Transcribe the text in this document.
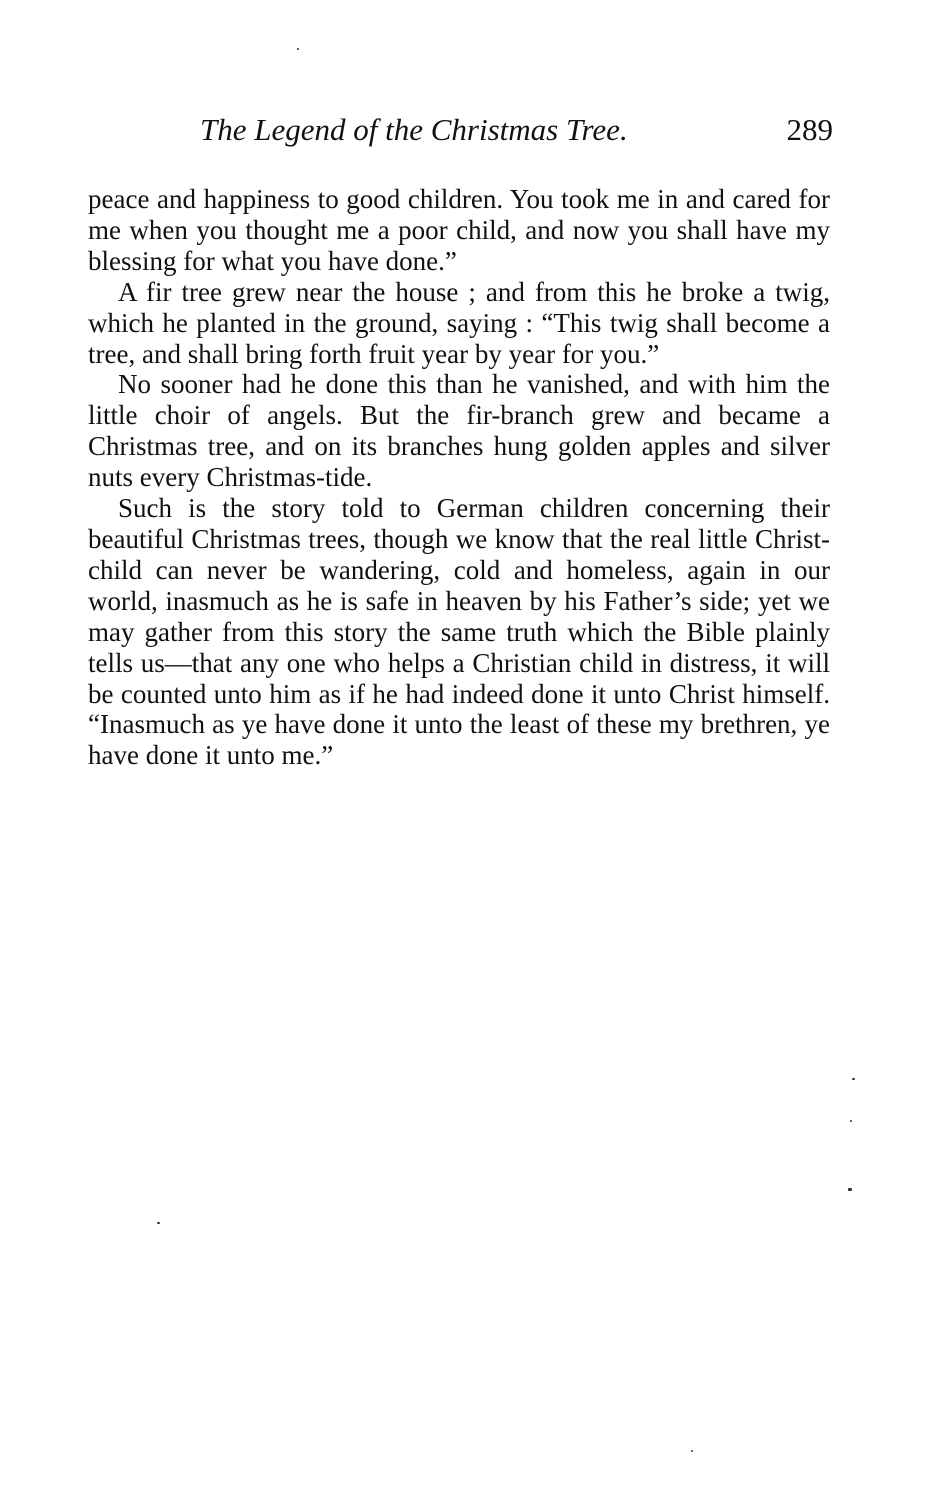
The Legend of the Christmas Tree.	289

peace and happiness to good children. You took me in and cared for me when you thought me a poor child, and now you shall have my blessing for what you have done.”

A fir tree grew near the house ; and from this he broke a twig, which he planted in the ground, saying : “This twig shall become a tree, and shall bring forth fruit year by year for you.”

No sooner had he done this than he vanished, and with him the little choir of angels. But the fir-branch grew and became a Christmas tree, and on its branches hung golden apples and silver nuts every Christmas-tide.

Such is the story told to German children concerning their beautiful Christmas trees, though we know that the real little Christ-child can never be wandering, cold and homeless, again in our world, inasmuch as he is safe in heaven by his Father’s side; yet we may gather from this story the same truth which the Bible plainly tells us—that any one who helps a Christian child in distress, it will be counted unto him as if he had indeed done it unto Christ himself. “Inasmuch as ye have done it unto the least of these my brethren, ye have done it unto me.”
